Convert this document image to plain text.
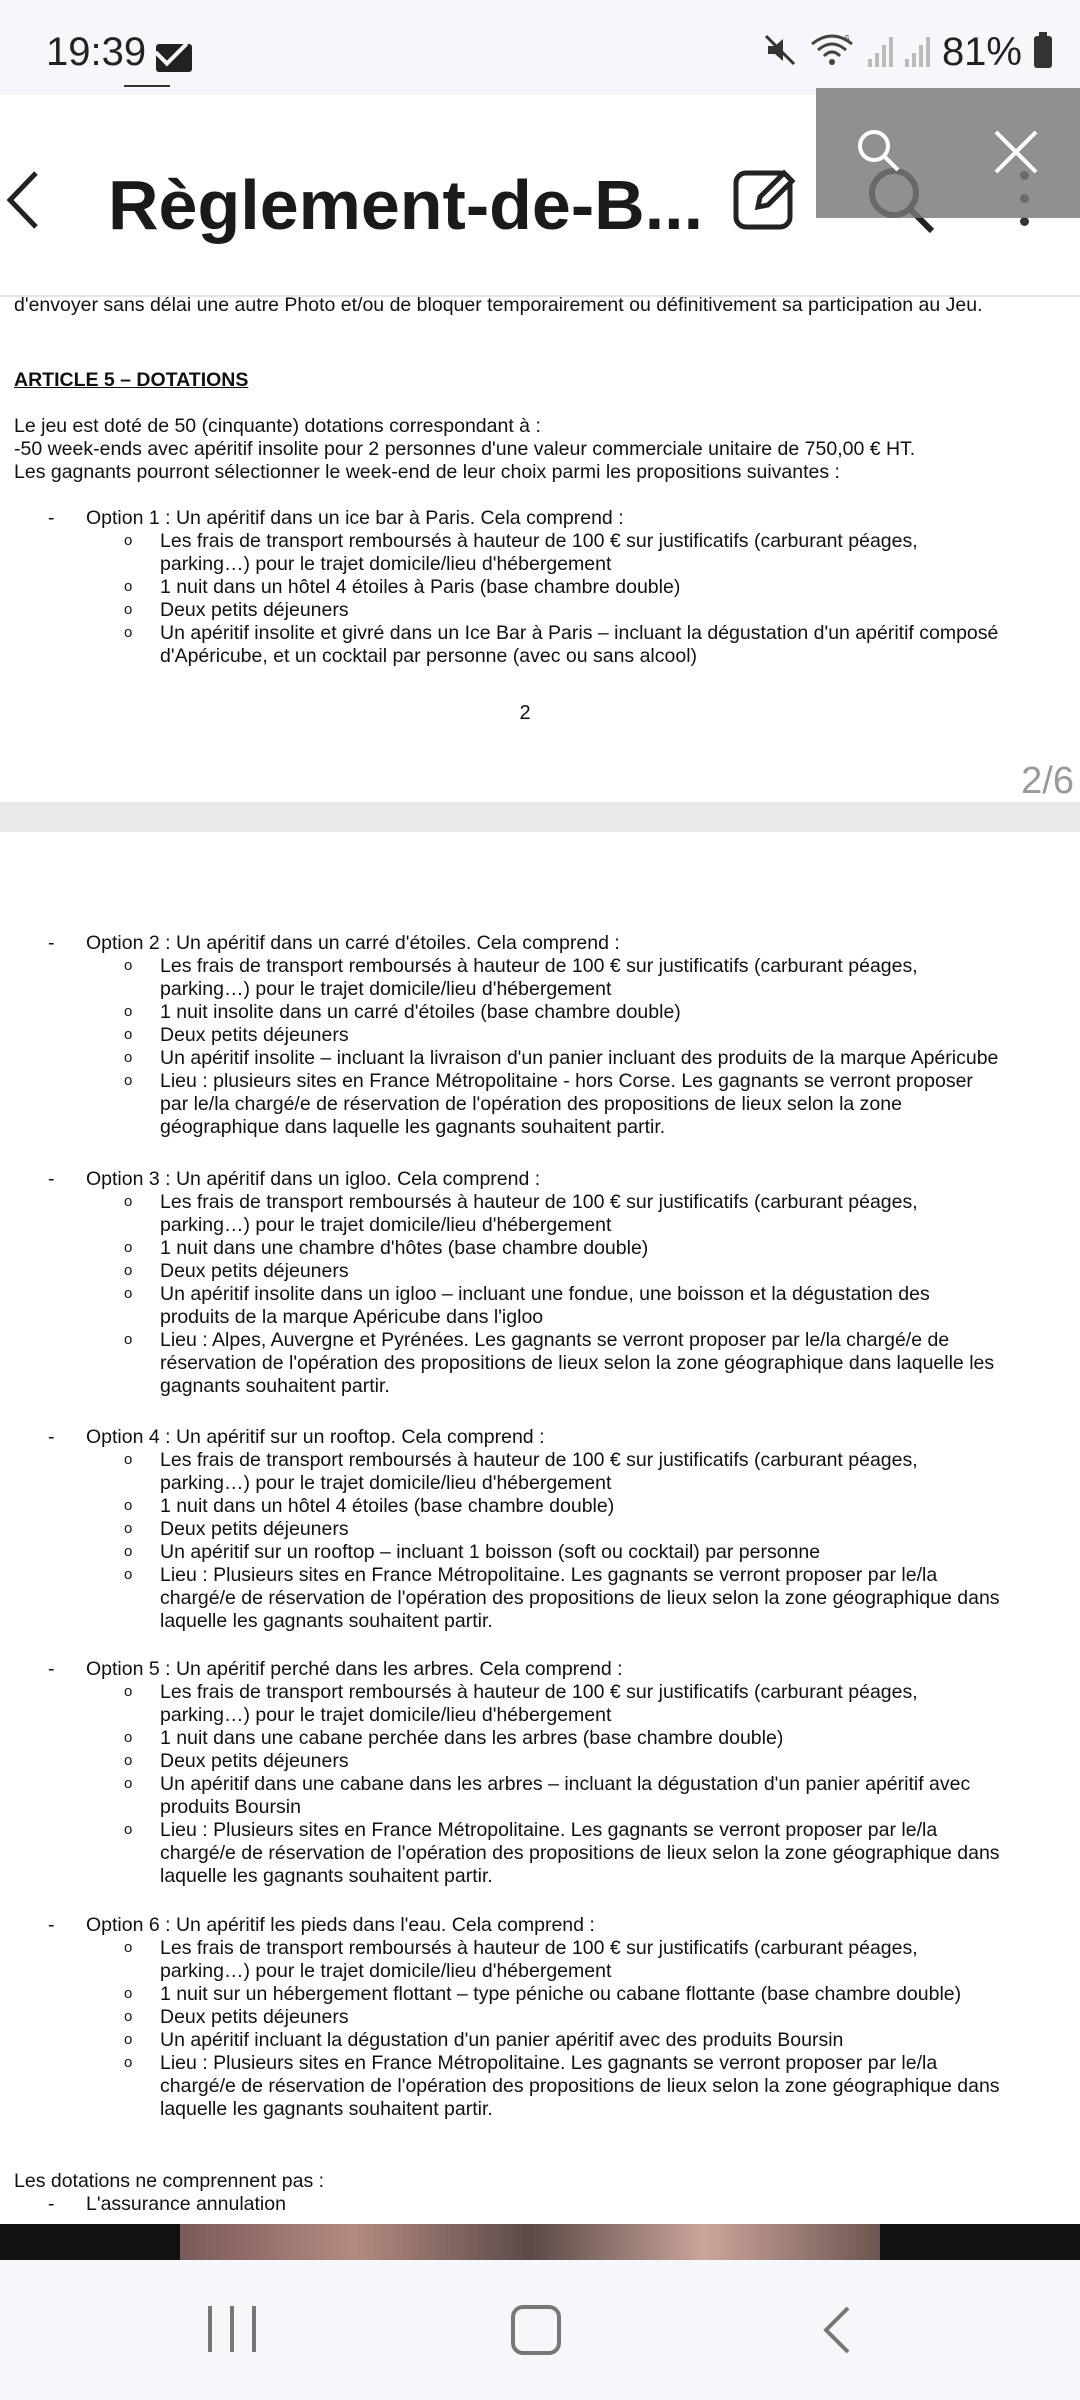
19:39	6 81%
Règlement-de-B...

d'envoyer sans délai une autre Photo et/ou de bloquer temporairement ou définitivement sa participation au Jeu.

ARTICLE 5 – DOTATIONS

Le jeu est doté de 50 (cinquante) dotations correspondant à :

-50 week-ends avec apéritif insolite pour 2 personnes d'une valeur commerciale unitaire de 750,00 € HT.

Les gagnants pourront sélectionner le week-end de leur choix parmi les propositions suivantes :

- Option 1 : Un apéritif dans un ice bar à Paris. Cela comprend :
o Les frais de transport remboursés à hauteur de 100 € sur justificatifs (carburant péages,
parking…) pour le trajet domicile/lieu d'hébergement
o 1 nuit dans un hôtel 4 étoiles à Paris (base chambre double)
o Deux petits déjeuners
o Un apéritif insolite et givré dans un Ice Bar à Paris – incluant la dégustation d'un apéritif composé
d'Apéricube, et un cocktail par personne (avec ou sans alcool)
2
2/6
- Option 2 : Un apéritif dans un carré d'étoiles. Cela comprend :
o Les frais de transport remboursés à hauteur de 100 € sur justificatifs (carburant péages,
parking…) pour le trajet domicile/lieu d'hébergement
o 1 nuit insolite dans un carré d'étoiles (base chambre double)
o Deux petits déjeuners
o Un apéritif insolite – incluant la livraison d'un panier incluant des produits de la marque Apéricube
o Lieu : plusieurs sites en France Métropolitaine - hors Corse. Les gagnants se verront proposer
par le/la chargé/e de réservation de l'opération des propositions de lieux selon la zone
géographique dans laquelle les gagnants souhaitent partir.
- Option 3 : Un apéritif dans un igloo. Cela comprend :
o Les frais de transport remboursés à hauteur de 100 € sur justificatifs (carburant péages,
parking…) pour le trajet domicile/lieu d'hébergement
o 1 nuit dans une chambre d'hôtes (base chambre double)
o Deux petits déjeuners
o Un apéritif insolite dans un igloo – incluant une fondue, une boisson et la dégustation des
produits de la marque Apéricube dans l'igloo
o Lieu : Alpes, Auvergne et Pyrénées. Les gagnants se verront proposer par le/la chargé/e de
réservation de l'opération des propositions de lieux selon la zone géographique dans laquelle les
gagnants souhaitent partir.
- Option 4 : Un apéritif sur un rooftop. Cela comprend :
o Les frais de transport remboursés à hauteur de 100 € sur justificatifs (carburant péages,
parking…) pour le trajet domicile/lieu d'hébergement
o 1 nuit dans un hôtel 4 étoiles (base chambre double)
o Deux petits déjeuners
o Un apéritif sur un rooftop – incluant 1 boisson (soft ou cocktail) par personne
o Lieu : Plusieurs sites en France Métropolitaine. Les gagnants se verront proposer par le/la
chargé/e de réservation de l'opération des propositions de lieux selon la zone géographique dans
laquelle les gagnants souhaitent partir.
- Option 5 : Un apéritif perché dans les arbres. Cela comprend :
o Les frais de transport remboursés à hauteur de 100 € sur justificatifs (carburant péages,
parking…) pour le trajet domicile/lieu d'hébergement
o 1 nuit dans une cabane perchée dans les arbres (base chambre double)
o Deux petits déjeuners
o Un apéritif dans une cabane dans les arbres – incluant la dégustation d'un panier apéritif avec
produits Boursin
o Lieu : Plusieurs sites en France Métropolitaine. Les gagnants se verront proposer par le/la
chargé/e de réservation de l'opération des propositions de lieux selon la zone géographique dans
laquelle les gagnants souhaitent partir.
- Option 6 : Un apéritif les pieds dans l'eau. Cela comprend :
o Les frais de transport remboursés à hauteur de 100 € sur justificatifs (carburant péages,
parking…) pour le trajet domicile/lieu d'hébergement
o 1 nuit sur un hébergement flottant – type péniche ou cabane flottante (base chambre double)
o Deux petits déjeuners
o Un apéritif incluant la dégustation d'un panier apéritif avec des produits Boursin
o Lieu : Plusieurs sites en France Métropolitaine. Les gagnants se verront proposer par le/la
chargé/e de réservation de l'opération des propositions de lieux selon la zone géographique dans
laquelle les gagnants souhaitent partir.

Les dotations ne comprennent pas :

- L'assurance annulation
